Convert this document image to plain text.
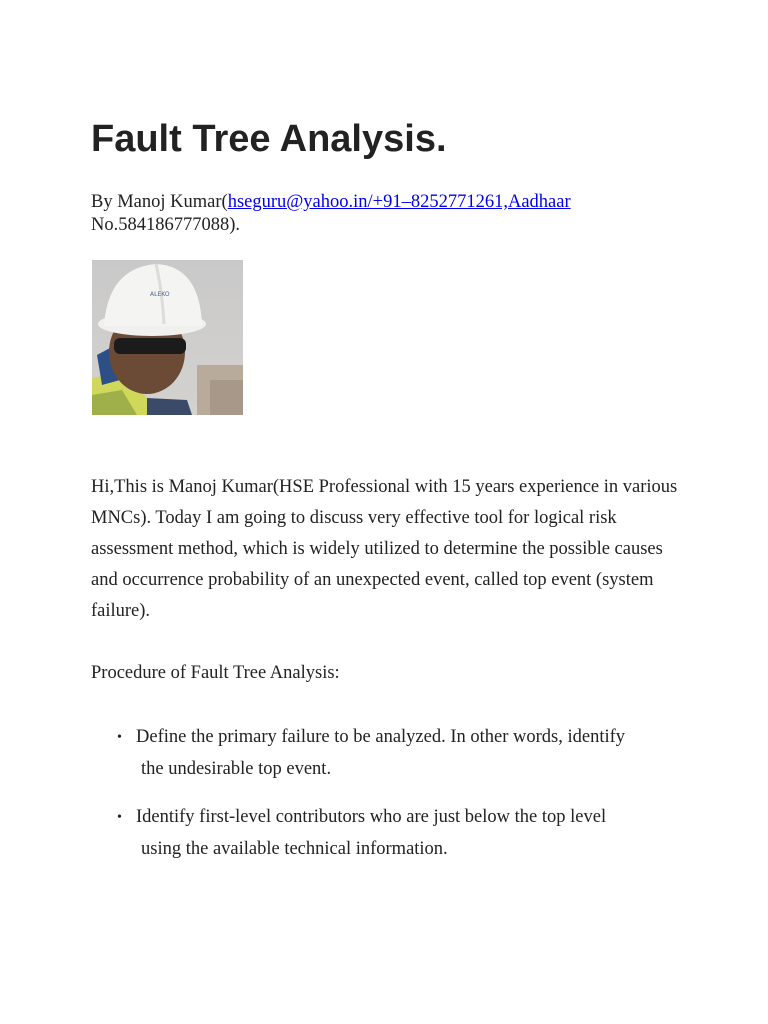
Fault Tree Analysis.
By Manoj Kumar(hseguru@yahoo.in/+91–8252771261,Aadhaar
No.584186777088).
ALEKO

Hi,This is Manoj Kumar(HSE Professional with 15 years experience in various MNCs). Today I am going to discuss very effective tool for logical risk assessment method, which is widely utilized to determine the possible causes and occurrence probability of an unexpected event, called top event (system failure).

Procedure of Fault Tree Analysis:

• Define the primary failure to be analyzed. In other words, identify
the undesirable top event.
• Identify first-level contributors who are just below the top level
using the available technical information.
